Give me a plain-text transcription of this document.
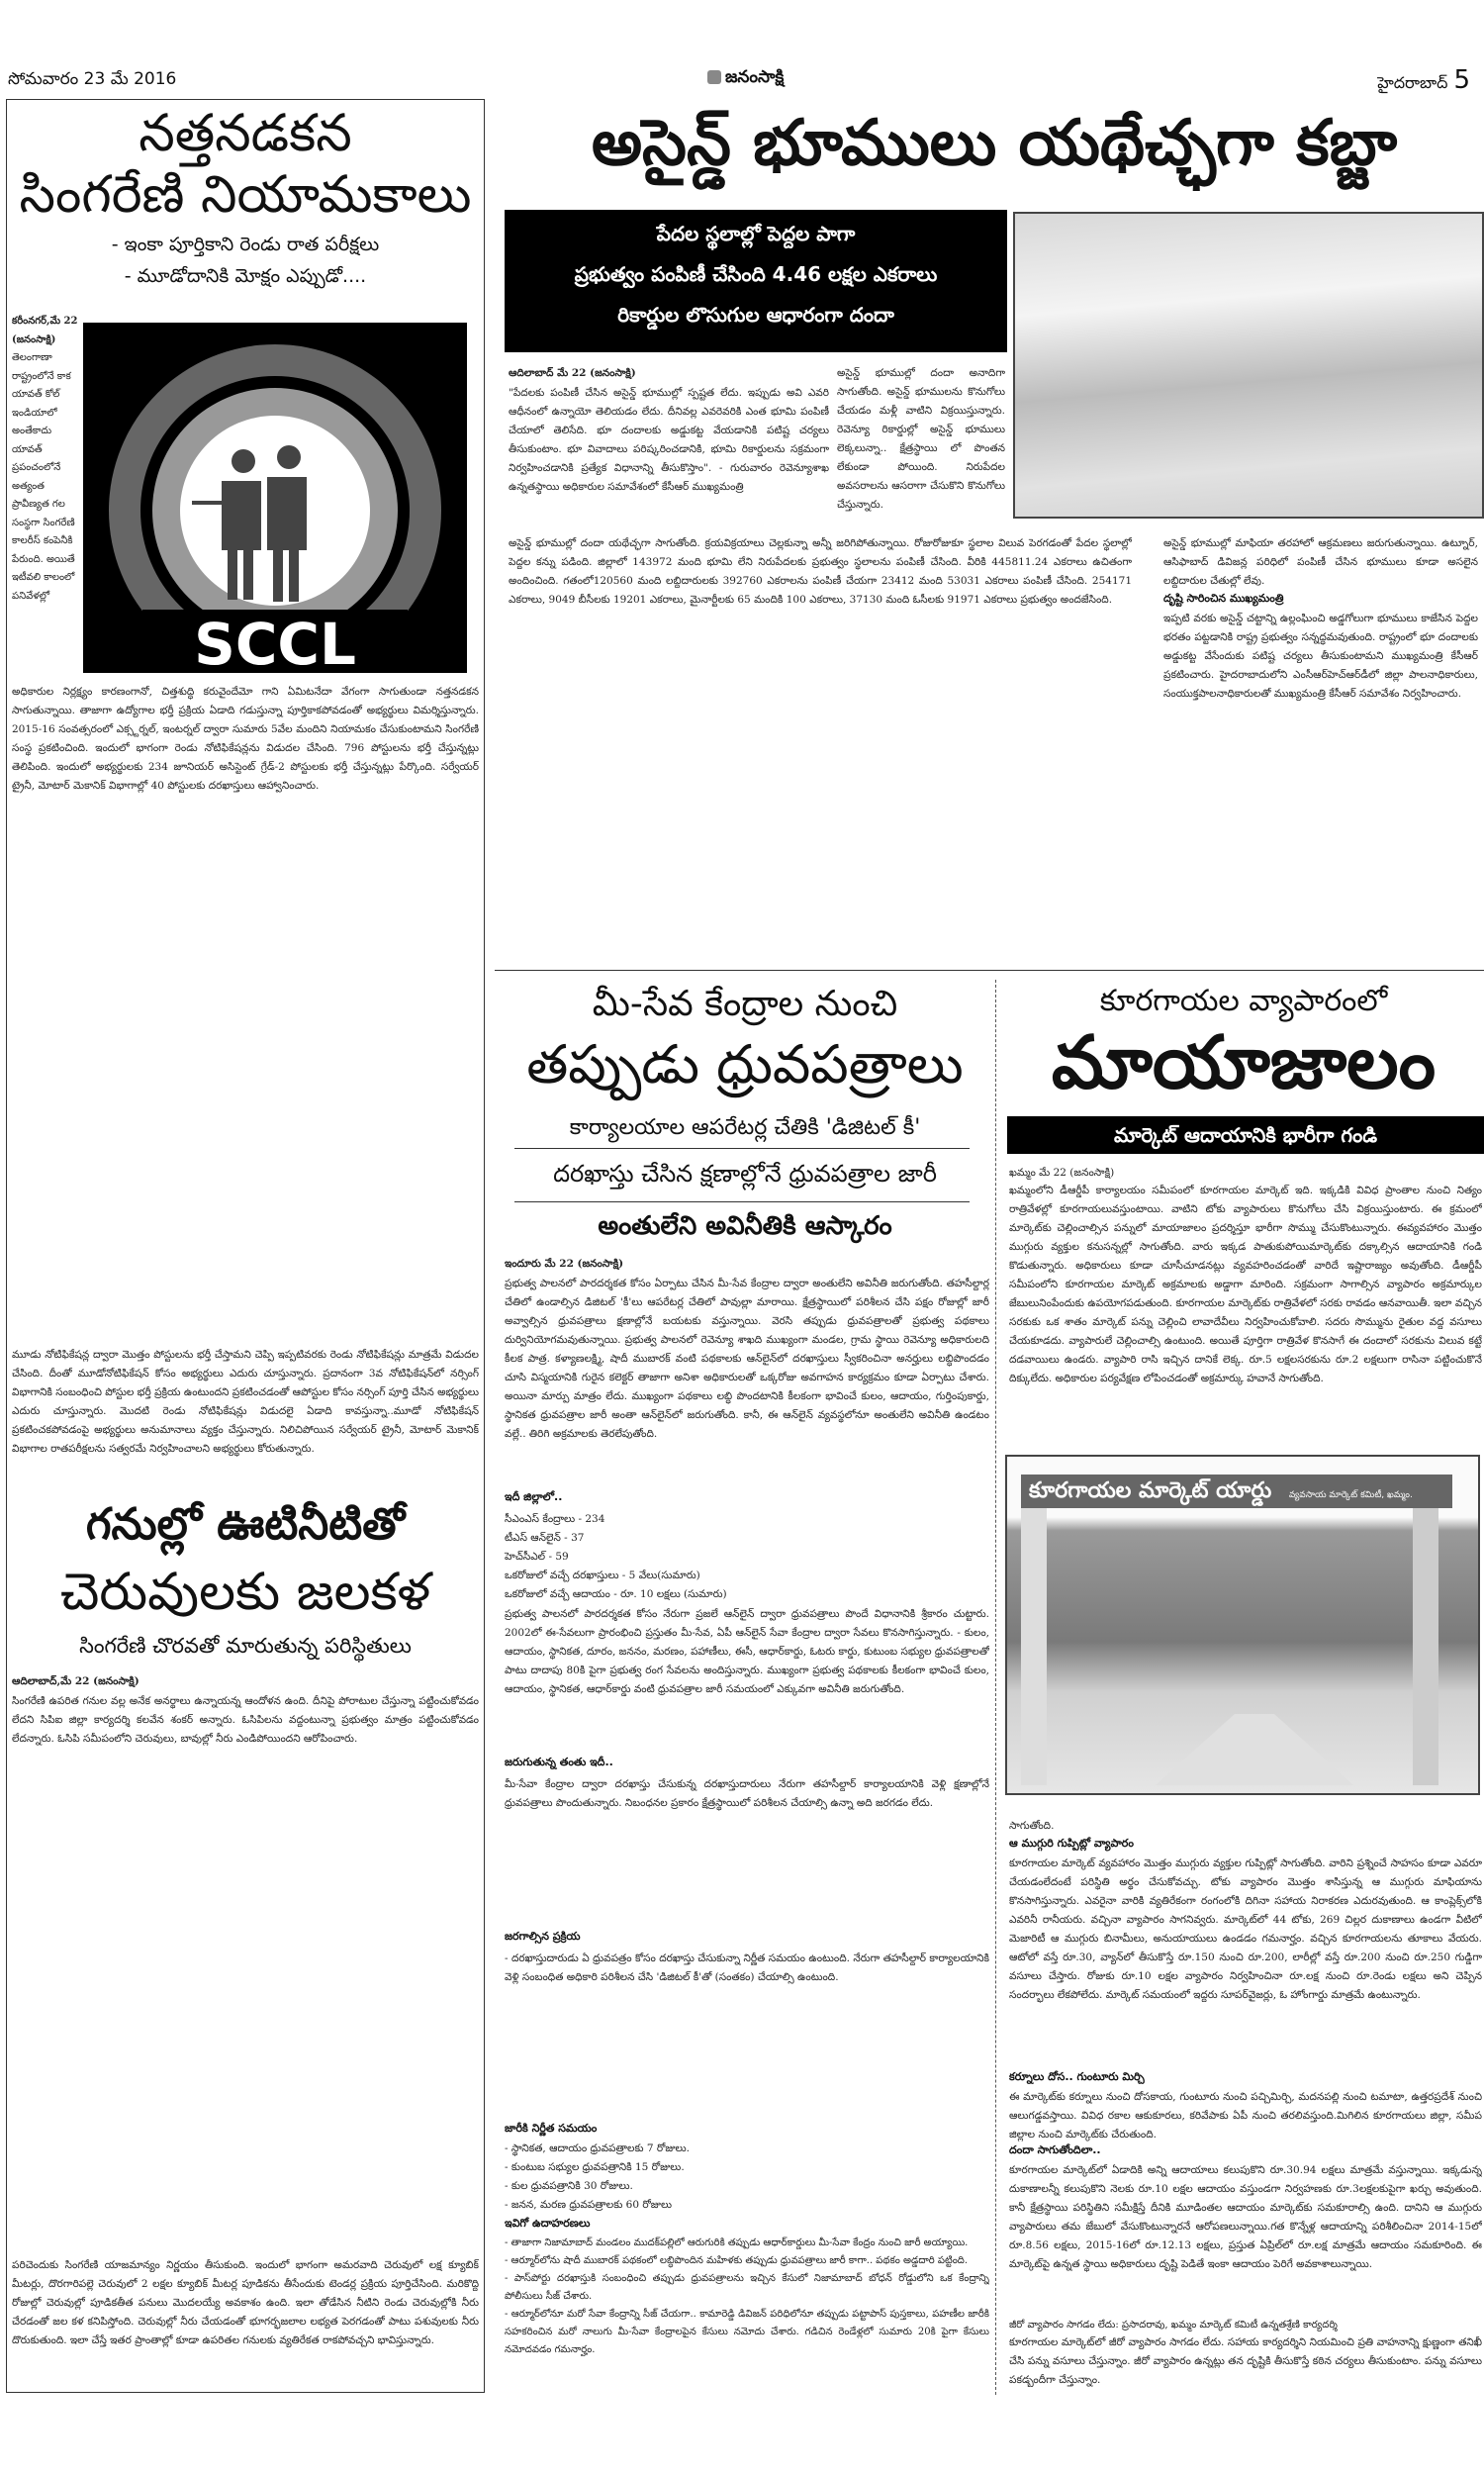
సోమవారం 23 మే 2016	జనంసాక్షి	హైదరాబాద్ 5
నత్తనడకన
సింగరేణి నియామకాలు
- ఇంకా పూర్తికాని రెండు రాత పరీక్షలు
- మూడోదానికి మోక్షం ఎప్పుడో....
కరీంనగర్,మే 22 (జనంసాక్షి)
తెలంగాణా రాష్ట్రంలోనే కాక యావత్ కోల్ ఇండియాలో అంతేకాదు యావత్ ప్రపంచంలోనే అత్యంత ప్రావీణ్యత గల సంస్థగా సింగరేణి కాలరీస్ కంపెనీకి పేరుంది. అయితే ఇటీవలి కాలంలో పనివేళల్లో
SCCL
అధికారుల నిర్లక్ష్యం కారణంగానో, చిత్తశుద్ధి కరువైందేమో గాని ఏమిటనేదా వేగంగా సాగుతుండా నత్తనడకన సాగుతున్నాయి. తాజాగా ఉద్యోగాల భర్తీ ప్రక్రియ ఏడాది గడుస్తున్నా పూర్తికాకపోవడంతో అభ్యర్థులు విమర్శిస్తున్నారు. 2015-16 సంవత్సరంలో ఎక్స్టర్నల్, ఇంటర్నల్ ద్వారా సుమారు 5వేల మందిని నియామకం చేసుకుంటామని సింగరేణి సంస్థ ప్రకటించింది. ఇందులో భాగంగా రెండు నోటిఫికేషన్లను విడుదల చేసింది. 796 పోస్టులను భర్తీ చేస్తున్నట్లు తెలిపింది. ఇందులో అభ్యర్థులకు 234 జూనియర్ అసిస్టెంట్ గ్రేడ్-2 పోస్టులకు భర్తీ చేస్తున్నట్లు పేర్కొంది. సర్వేయర్ ట్రైనీ, మోటార్ మెకానిక్ విభాగాల్లో 40 పోస్టులకు దరఖాస్తులు ఆహ్వానించారు.
మూడు నోటిఫికేషన్ల ద్వారా మొత్తం పోస్టులను భర్తీ చేస్తామని చెప్పి ఇప్పటివరకు రెండు నోటిఫికేషన్లు మాత్రమే విడుదల చేసింది. దీంతో మూడోనోటిఫికేషన్ కోసం అభ్యర్థులు ఎదురు చూస్తున్నారు. ప్రదానంగా 3వ నోటిఫికేషన్‌లో నర్సింగ్ విభాగానికి సంబంధించి పోస్టుల భర్తీ ప్రక్రియ ఉంటుందని ప్రకటించడంతో ఆపోస్టుల కోసం నర్సింగ్ పూర్తి చేసిన అభ్యర్థులు ఎదురు చూస్తున్నారు. మొదటి రెండు నోటిఫికేషన్లు విడుదలై ఏడాది కావస్తున్నా..మూడో నోటిఫికేషన్ ప్రకటించకపోవడంపై అభ్యర్థులు అనుమానాలు వ్యక్తం చేస్తున్నారు. నిలిచిపోయిన సర్వేయర్ ట్రైనీ, మోటార్ మెకానిక్ విభాగాల రాతపరీక్షలను సత్వరమే నిర్వహించాలని అభ్యర్థులు కోరుతున్నారు.
గనుల్లో ఊటినీటితో
చెరువులకు జలకళ
సింగరేణి చొరవతో మారుతున్న పరిస్థితులు
ఆదిలాబాద్,మే 22 (జనంసాక్షి)
సింగరేణి ఉపరిత గనుల వల్ల అనేక అనర్థాలు ఉన్నాయన్న ఆందోళన ఉంది. దీనిపై పోరాటుల చేస్తున్నా పట్టించుకోవడం లేదని సిపిఐ జిల్లా కార్యదర్శి కలవేన శంకర్ అన్నారు. ఓసిపిలను వద్దంటున్నా ప్రభుత్వం మాత్రం పట్టించుకోవడం లేదన్నారు. ఓసిపి సమీపంలోని చెరువులు, బావుల్లో నీరు ఎండిపోయిందని ఆరోపించారు.
పరిచెందుకు సింగరేణి యాజమాన్యం నిర్ణయం తీసుకుంది. ఇందులో భాగంగా అమరవాది చెరువులో లక్ష క్యూబిక్ మీటర్లు, దొరగారిపల్లె చెరువులో 2 లక్షల క్యూబిక్ మీటర్ల పూడికను తీసేందుకు టెండర్ల ప్రక్రియ పూర్తిచేసింది. మరికొద్ది రోజుల్లో చెరువుల్లో పూడికతీత పనులు మొదలయ్యే అవకాశం ఉంది. ఇలా తోడేసిన నీటిని రెండు చెరువుల్లోకి నీరు చేరడంతో జల కళ కనిపిస్తోంది. చెరువుల్లో నీరు చేయడంతో భూగర్భజలాల లభ్యత పెరగడంతో పాటు పశువులకు నీరు దొరుకుతుంది. ఇలా చేస్తే ఇతర ప్రాంతాల్లో కూడా ఉపరితల గనులకు వ్యతిరేకత రాకపోవచ్చని భావిస్తున్నారు.
అసైన్డ్ భూములు యథేచ్ఛగా కబ్జా
పేదల స్థలాల్లో పెద్దల పాగా
ప్రభుత్వం పంపిణీ చేసింది 4.46 లక్షల ఎకరాలు
రికార్డుల లొసుగుల ఆధారంగా దందా
ఆదిలాబాద్ మే 22 (జనంసాక్షి)
"పేదలకు పంపిణీ చేసిన అసైన్డ్ భూముల్లో స్పష్టత లేదు. ఇప్పుడు అవి ఎవరి ఆధీనంలో ఉన్నాయో తెలియడం లేదు. దీనివల్ల ఎవరెవరికి ఎంత భూమి పంపిణీ చేయాలో తెలిసేది. భూ దందాలకు అడ్డుకట్ట వేయడానికి పటిష్ట చర్యలు తీసుకుంటాం. భూ వివాదాలు పరిష్కరించడానికి, భూమి రికార్డులను సక్రమంగా నిర్వహించడానికి ప్రత్యేక విధానాన్ని తీసుకొస్తాం". - గురువారం రెవెన్యూశాఖ ఉన్నతస్థాయి అధికారుల సమావేశంలో కేసీఆర్ ముఖ్యమంత్రి
అసైన్డ్ భూముల్లో దందా అనాదిగా సాగుతోంది. అసైన్డ్ భూములను కొనుగోలు చేయడం మళ్లీ వాటిని విక్రయిస్తున్నారు. రెవెన్యూ రికార్డుల్లో అసైన్డ్ భూములు లెక్కలున్నా.. క్షేత్రస్థాయి లో పొంతన లేకుండా పోయింది. నిరుపేదల అవసరాలను ఆసరాగా చేసుకొని కొనుగోలు చేస్తున్నారు.
అసైన్డ్ భూముల్లో దందా యథేచ్ఛగా సాగుతోంది. క్రయవిక్రయాలు చెల్లకున్నా అన్నీ జరిగిపోతున్నాయి. రోజురోజుకూ స్థలాల విలువ పెరగడంతో పేదల స్థలాల్లో పెద్దల కన్ను పడింది. జిల్లాలో 143972 మంది భూమి లేని నిరుపేదలకు ప్రభుత్వం స్థలాలను పంపిణీ చేసింది. వీరికి 445811.24 ఎకరాలు ఉచితంగా అందించింది. గతంలో120560 మంది లబ్దిదారులకు 392760 ఎకరాలను పంపిణీ చేయగా 23412 మంది 53031 ఎకరాలు పంపిణీ చేసింది. 254171 ఎకరాలు, 9049 బీసీలకు 19201 ఎకరాలు, మైనార్టీలకు 65 మందికి 100 ఎకరాలు, 37130 మంది ఓసీలకు 91971 ఎకరాలు ప్రభుత్వం అందజేసింది.
అసైన్డ్ భూముల్లో మాఫియా తరహాలో ఆక్రమణలు జరుగుతున్నాయి. ఉట్నూర్, ఆసిఫాబాద్ డివిజన్ల పరిధిలో పంపిణీ చేసిన భూములు కూడా అసలైన లబ్దిదారుల చేతుల్లో లేవు.
దృష్టి సారించిన ముఖ్యమంత్రి
ఇప్పటి వరకు అసైన్డ్ చట్టాన్ని ఉల్లంఘించి అడ్డగోలుగా భూములు కాజేసిన పెద్దల భరతం పట్టడానికి రాష్ట్ర ప్రభుత్వం సన్నద్ధమవుతుంది. రాష్ట్రంలో భూ దందాలకు అడ్డుకట్ట వేసేందుకు పటిష్ట చర్యలు తీసుకుంటామని ముఖ్యమంత్రి కేసీఆర్ ప్రకటించారు. హైదరాబాదులోని ఎంసీఆర్‌హెచ్‌ఆర్‌డీలో జిల్లా పాలనాధికారులు, సంయుక్తపాలనాధికారులతో ముఖ్యమంత్రి కేసీఆర్ సమావేశం నిర్వహించారు.
మీ-సేవ కేంద్రాల నుంచి
తప్పుడు ధ్రువపత్రాలు
కార్యాలయాల ఆపరేటర్ల చేతికి 'డిజిటల్ కీ'
దరఖాస్తు చేసిన క్షణాల్లోనే ధ్రువపత్రాల జారీ
అంతులేని అవినీతికి ఆస్కారం
ఇందూరు మే 22 (జనంసాక్షి)
ప్రభుత్వ పాలనలో పారదర్శకత కోసం ఏర్పాటు చేసిన మీ-సేవ కేంద్రాల ద్వారా అంతులేని అవినీతి జరుగుతోంది. తహసీల్దార్ల చేతిలో ఉండాల్సిన డిజిటల్ 'కీ'లు ఆపరేటర్ల చేతిలో పావుల్లా మారాయి. క్షేత్రస్థాయిలో పరిశీలన చేసి పక్షం రోజుల్లో జారీ అవ్వాల్సిన ధ్రువపత్రాలు క్షణాల్లోనే బయటకు వస్తున్నాయి. వెరసి తప్పుడు ధ్రువపత్రాలతో ప్రభుత్వ పథకాలు దుర్వినియోగమవుతున్నాయి. ప్రభుత్వ పాలనలో రెవెన్యూ శాఖది ముఖ్యంగా మండల, గ్రామ స్థాయి రెవెన్యూ అధికారులది కీలక పాత్ర. కళ్యాణలక్ష్మి, షాదీ ముబారక్ వంటి పథకాలకు ఆన్‌లైన్‌లో దరఖాస్తులు స్వీకరించినా అనర్హులు లబ్ధిపొందడం చూసి విస్మయానికి గురైన కలెక్టర్ తాజాగా అనిశా అధికారులతో ఒక్కరోజు అవగాహన కార్యక్రమం కూడా ఏర్పాటు చేశారు. అయినా మార్పు మాత్రం లేదు. ముఖ్యంగా పథకాలు లబ్ధి పొందటానికి కీలకంగా భావించే కులం, ఆదాయం, గుర్తింపుకార్డు, స్థానికత ధ్రువపత్రాల జారీ అంతా ఆన్‌లైన్‌లో జరుగుతోంది. కానీ, ఈ ఆన్‌లైన్ వ్యవస్థలోనూ అంతులేని అవినీతి ఉండటం వల్లే.. తిరిగి అక్రమాలకు తెరలేపుతోంది.
ఇదీ జిల్లాలో..
సీఎంఎస్ కేంద్రాలు - 234
టీఎస్ ఆన్‌లైన్ - 37
హెచ్‌సీఎల్ - 59
ఒకరోజులో వచ్చే దరఖాస్తులు - 5 వేలు(సుమారు)
ఒకరోజులో వచ్చే ఆదాయం - రూ. 10 లక్షలు (సుమారు)
ప్రభుత్వ పాలనలో పారదర్శకత కోసం నేరుగా ప్రజలే ఆన్‌లైన్ ద్వారా ధ్రువపత్రాలు పొందే విధానానికి శ్రీకారం చుట్టారు. 2002లో ఈ-సేవలుగా ప్రారంభించి ప్రస్తుతం మీ-సేవ, ఏపీ ఆన్‌లైన్ సేవా కేంద్రాల ద్వారా సేవలు కొనసాగిస్తున్నారు. - కులం, ఆదాయం, స్థానికత, దూరం, జననం, మరణం, పహాణీలు, ఈసీ, ఆధార్‌కార్డు, ఓటరు కార్డు, కుటుంబ సభ్యుల ధ్రువపత్రాలతో పాటు దాదాపు 80కి పైగా ప్రభుత్వ రంగ సేవలను అందిస్తున్నారు. ముఖ్యంగా ప్రభుత్వ పథకాలకు కీలకంగా భావించే కులం, ఆదాయం, స్థానికత, ఆధార్‌కార్డు వంటి ధ్రువపత్రాల జారీ సమయంలో ఎక్కువగా అవినీతి జరుగుతోంది.
జరుగుతున్న తంతు ఇదీ..
మీ-సేవా కేంద్రాల ద్వారా దరఖాస్తు చేసుకున్న దరఖాస్తుదారులు నేరుగా తహసీల్దార్ కార్యాలయానికి వెళ్లి క్షణాల్లోనే ధ్రువపత్రాలు పొందుతున్నారు. నిబంధనల ప్రకారం క్షేత్రస్థాయిలో పరిశీలన చేయాల్సి ఉన్నా అది జరగడం లేదు.
జరగాల్సిన ప్రక్రియ
- దరఖాస్తుదారుడు ఏ ధ్రువపత్రం కోసం దరఖాస్తు చేసుకున్నా నిర్ణీత సమయం ఉంటుంది. నేరుగా తహసీల్దార్ కార్యాలయానికి వెళ్లి సంబంధిత అధికారి పరిశీలన చేసి 'డిజిటల్ కీ'తో (సంతకం) చేయాల్సి ఉంటుంది.
జారీకి నిర్ణీత సమయం
- స్థానికత, ఆదాయం ధ్రువపత్రాలకు 7 రోజులు.
- కుంటుబ సభ్యుల ధ్రువపత్రానికి 15 రోజులు.
- కుల ధ్రువపత్రానికి 30 రోజులు.
- జనన, మరణ ధ్రువపత్రాలకు 60 రోజులు
ఇవిగో ఉదాహరణలు
- తాజాగా నిజామాబాద్ మండలం ముదక్‌పల్లిలో ఆరుగురికి తప్పుడు ఆధార్‌కార్డులు మీ-సేవా కేంద్రం నుంచి జారీ అయ్యాయి.
- ఆర్మూర్‌లోను షాదీ ముబారక్ పథకంలో లబ్ధిపొందిన మహిళకు తప్పుడు ధ్రువపత్రాలు జారీ కాగా.. పథకం అడ్డదారి పట్టింది.
- పాస్‌పోర్టు దరఖాస్తుకి సంబంధించి తప్పుడు ధ్రువపత్రాలను ఇచ్చిన కేసులో నిజామాబాద్ బోధన్ రోడ్డులోని ఒక కేంద్రాన్ని పోలీసులు సీజ్ చేశారు.
- ఆర్మూర్‌లోనూ మరో సేవా కేంద్రాన్ని సీజ్ చేయగా.. కామారెడ్డి డివిజన్ పరిధిలోనూ తప్పుడు పట్టాపాస్ పుస్తకాలు, పహణీల జారీకి సహకరించిన మరో నాలుగు మీ-సేవా కేంద్రాలపైన కేసులు నమోదు చేశారు. గడిచిన రెండేళ్లలో సుమారు 20కి పైగా కేసులు నమోదవడం గమనార్హం.
కూరగాయల వ్యాపారంలో
మాయాజాలం
మార్కెట్ ఆదాయానికి భారీగా గండి
ఖమ్మం మే 22 (జనంసాక్షి)
ఖమ్మంలోని డీఆర్డీపీ కార్యాలయం సమీపంలో కూరగాయల మార్కెట్ ఇది. ఇక్కడికి వివిధ ప్రాంతాల నుంచి నిత్యం రాత్రివేళల్లో కూరగాయలువస్తుంటాయి. వాటిని టోకు వ్యాపారులు కొనుగోలు చేసి విక్రయిస్తుంటారు. ఈ క్రమంలో మార్కెట్‌కు చెల్లించాల్సిన పన్నులో మాయాజాలం ప్రదర్శిస్తూ భారీగా సొమ్ము చేసుకొంటున్నారు. ఈవ్యవహారం మొత్తం ముగ్గురు వ్యక్తుల కనుసన్నల్లో సాగుతోంది. వారు ఇక్కడ పాతుకుపోయిమార్కెట్‌కు దక్కాల్సిన ఆదాయానికి గండి కొడుతున్నారు. అధికారులు కూడా చూసీచూడనట్లు వ్యవహరించడంతో వారిదే ఇష్టారాజ్యం అవుతోంది. డీఆర్డీపీ సమీపంలోని కూరగాయల మార్కెట్ అక్రమాలకు అడ్డాగా మారింది. సక్రమంగా సాగాల్సిన వ్యాపారం అక్రమార్కుల జేబులునింపేందుకు ఉపయోగపడుతుంది. కూరగాయల మార్కెట్‌కు రాత్రివేళలో సరకు రావడం ఆనవాయితీ. ఇలా వచ్చిన సరకుకు ఒక శాతం మార్కెట్ పన్ను చెల్లించి లావాదేవీలు నిర్వహించుకోవాలి. సదరు సొమ్మును రైతుల వద్ద వసూలు చేయకూడదు. వ్యాపారులే చెల్లించాల్సి ఉంటుంది. అయితే పూర్తిగా రాత్రివేళ కొనసాగే ఈ దందాలో సరకును విలువ కట్టే దడవాయిలు ఉండరు. వ్యాపారి రాసి ఇచ్చిన దానికే లెక్క. రూ.5 లక్షలసరకును రూ.2 లక్షలుగా రాసినా పట్టించుకొనే దిక్కులేదు. అధికారుల పర్యవేక్షణ లోపించడంతో అక్రమార్కు హవానే సాగుతోంది.
కూరగాయల మార్కెట్ యార్డు వ్యవసాయ మార్కెట్ కమిటీ, ఖమ్మం.
సాగుతోంది.
ఆ ముగ్గురి గుప్పిట్లో వ్యాపారం
కూరగాయల మార్కెట్ వ్యవహారం మొత్తం ముగ్గురు వ్యక్తుల గుప్పిట్లో సాగుతోంది. వారిని ప్రశ్నించే సాహసం కూడా ఎవరూ చేయడంలేదంటే పరిస్థితి అర్థం చేసుకోవచ్చు. టోకు వ్యాపారం మొత్తం శాసిస్తున్న ఆ ముగ్గురు మాఫియాను కొనసాగిస్తున్నారు. ఎవరైనా వారికి వ్యతిరేకంగా రంగంలోకి దిగినా సహాయ నిరాకరణ ఎదురవుతుంది. ఆ కాంప్లెక్స్‌లోకి ఎవరినీ రానీయరు. వచ్చినా వ్యాపారం సాగనివ్వరు. మార్కెట్‌లో 44 టోకు, 269 చిల్లర దుకాణాలు ఉండగా వీటిలో మెజారిటీ ఆ ముగ్గురు బినామీలు, అనుయాయులు ఉండడం గమనార్హం. వచ్చిన కూరగాయలను తూకాలు వేయరు. ఆటోలో వస్తే రూ.30, వ్యాన్‌లో తీసుకొస్తే రూ.150 నుంచి రూ.200, లారీల్లో వస్తే రూ.200 నుంచి రూ.250 గుడ్డిగా వసూలు చేస్తారు. రోజుకు రూ.10 లక్షల వ్యాపారం నిర్వహించినా రూ.లక్ష నుంచి రూ.రెండు లక్షలు అని చెప్పిన సందర్భాలు లేకపోలేదు. మార్కెట్ సమయంలో ఇద్దరు సూపర్‌వైజర్లు, ఓ హోంగార్డు మాత్రమే ఉంటున్నారు.
కర్నూలు దోస.. గుంటూరు మిర్చి
ఈ మార్కెట్‌కు కర్నూలు నుంచి దోసకాయ, గుంటూరు నుంచి పచ్చిమిర్చి, మదనపల్లి నుంచి టమాటా, ఉత్తరప్రదేశ్ నుంచి ఆలుగడ్డవస్తాయి. వివిధ రకాల ఆకుకూరలు, కరివేపాకు ఏపీ నుంచి తరలివస్తుంది.మిగిలిన కూరగాయలు జిల్లా, సమీప జిల్లాల నుంచి మార్కెట్‌కు చేరుతుంది.
దందా సాగుతోందిలా..
కూరగాయల మార్కెట్‌లో ఏడాదికి అన్ని ఆదాయాలు కలుపుకొని రూ.30.94 లక్షలు మాత్రమే వస్తున్నాయి. ఇక్కడున్న దుకాణాలన్నీ కలుపుకొని నెలకు రూ.10 లక్షల ఆదాయం వస్తుండగా నిర్వహణకు రూ.3లక్షలకుపైగా ఖర్చు అవుతుంది. కానీ క్షేత్రస్థాయి పరిస్థితిని సమీక్షిస్తే దీనికి మూడింతల ఆదాయం మార్కెట్‌కు సమకూరాల్సి ఉంది. దానిని ఆ ముగ్గురు వ్యాపారులు తమ జేబులో వేసుకొంటున్నారనే ఆరోపణలున్నాయి.గత కొన్నేళ్ల ఆదాయాన్ని పరిశీలించినా 2014-15లో రూ.8.56 లక్షలు, 2015-16లో రూ.12.13 లక్షలు, ప్రస్తుత ఏప్రిల్‌లో రూ.లక్ష మాత్రమే ఆదాయం సమకూరింది. ఈ మార్కెట్‌పై ఉన్నత స్థాయి అధికారులు దృష్టి పెడితే ఇంకా ఆదాయం పెరిగే అవకాశాలున్నాయి.
జీరో వ్యాపారం సాగడం లేదు: ప్రసాదరావు, ఖమ్మం మార్కెట్ కమిటీ ఉన్నతశ్రేణి కార్యదర్శి
కూరగాయల మార్కెట్‌లో జీరో వ్యాపారం సాగడం లేదు. సహాయ కార్యదర్శిని నియమించి ప్రతి వాహనాన్ని క్షుణ్ణంగా తనిఖీ చేసి పన్ను వసూలు చేస్తున్నాం. జీరో వ్యాపారం ఉన్నట్లు తన దృష్టికి తీసుకొస్తే కఠిన చర్యలు తీసుకుంటాం. పన్ను వసూలు పకడ్బందీగా చేస్తున్నాం.
